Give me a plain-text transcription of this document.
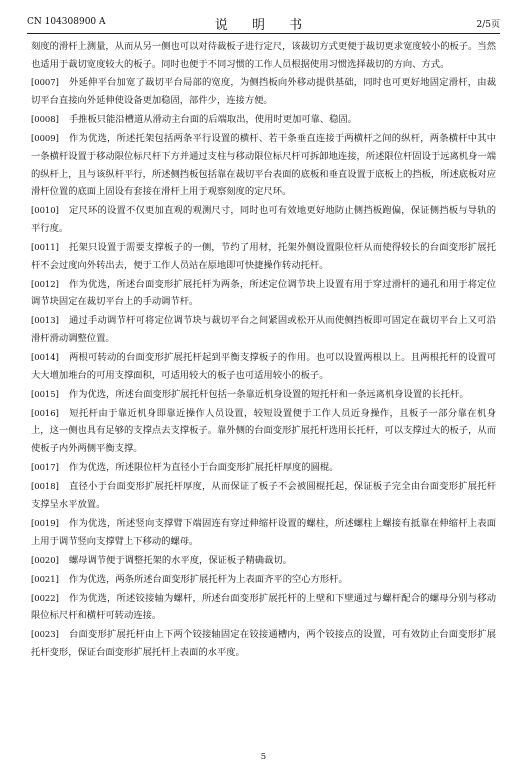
CN 104308900 A	说 明 书	2/5页

刻度的滑杆上测量，从而从另一侧也可以对待裁板子进行定尺，该裁切方式更便于裁切更求宽度较小的板子。当然也适用于裁切宽度较大的板子。同时也便于不同习惯的工作人员根据使用习惯选择裁切的方向、方式。

[0007] 外延伸平台加宽了裁切平台局部的宽度，为侧挡板向外移动提供基础，同时也可更好地固定滑杆，由裁切平台直接向外延伸使设备更加稳固，部件少，连接方便。

[0008] 手推板只能沿槽道从滑动主台面的后端取出，使用时更加可靠、稳固。

[0009] 作为优选，所述托架包括两条平行设置的横杆、若干条垂直连接于两横杆之间的纵杆，两条横杆中其中一条横杆设置于移动限位标尺杆下方并通过支柱与移动限位标尺杆可拆卸地连接，所述限位杆固设于远离机身一端的纵杆上，且与该纵杆平行，所述侧挡板包括靠在裁切平台表面的底板和垂直设置于底板上的挡板，所述底板对应滑杆位置的底面上固设有套接在滑杆上用于观察刻度的定尺环。

[0010] 定尺环的设置不仅更加直观的观测尺寸，同时也可有效地更好地防止侧挡板跑偏，保证侧挡板与导轨的平行度。

[0011] 托架只设置于需要支撑板子的一侧，节约了用材，托架外侧设置限位杆从而使得较长的台面变形扩展托杆不会过度向外转出去，便于工作人员站在原地即可快捷操作转动托杆。

[0012] 作为优选，所述台面变形扩展托杆为两条，所述定位调节块上设置有用于穿过滑杆的通孔和用于将定位调节块固定在裁切平台上的手动调节杆。

[0013] 通过手动调节杆可将定位调节块与裁切平台之间紧固或松开从而使侧挡板即可固定在裁切平台上又可沿滑杆滑动调整位置。

[0014] 两根可转动的台面变形扩展托杆起到平衡支撑板子的作用。也可以设置两根以上。且两根托杆的设置可大大增加堆台的可用支撑面积，可适用较大的板子也可适用较小的板子。

[0015] 作为优选，所述台面变形扩展托杆包括一条靠近机身设置的短托杆和一条远离机身设置的长托杆。

[0016] 短托杆由于靠近机身即靠近操作人员设置，较短设置便于工作人员近身操作，且板子一部分靠在机身上，这一侧也具有足够的支撑点去支撑板子。靠外侧的台面变形扩展托杆选用长托杆，可以支撑过大的板子，从而使板子内外两侧平衡支撑。

[0017] 作为优选，所述限位杆为直径小于台面变形扩展托杆厚度的圆棍。

[0018] 直径小于台面变形扩展托杆厚度，从而保证了板子不会被圆棍托起，保证板子完全由台面变形扩展托杆支撑呈水平放置。

[0019] 作为优选，所述竖向支撑臂下端固连有穿过伸缩杆设置的螺柱，所述螺柱上螺接有抵靠在伸缩杆上表面上用于调节竖向支撑臂上下移动的螺母。

[0020] 螺母调节便于调整托架的水平度，保证板子精确裁切。

[0021] 作为优选，两条所述台面变形扩展托杆为上表面齐平的空心方形杆。

[0022] 作为优选，所述铰接轴为螺杆，所述台面变形扩展托杆的上壁和下壁通过与螺杆配合的螺母分别与移动限位标尺杆和横杆可转动连接。

[0023] 台面变形扩展托杆由上下两个铰接轴固定在铰接通槽内，两个铰接点的设置，可有效防止台面变形扩展托杆变形，保证台面变形扩展托杆上表面的水平度。

5
